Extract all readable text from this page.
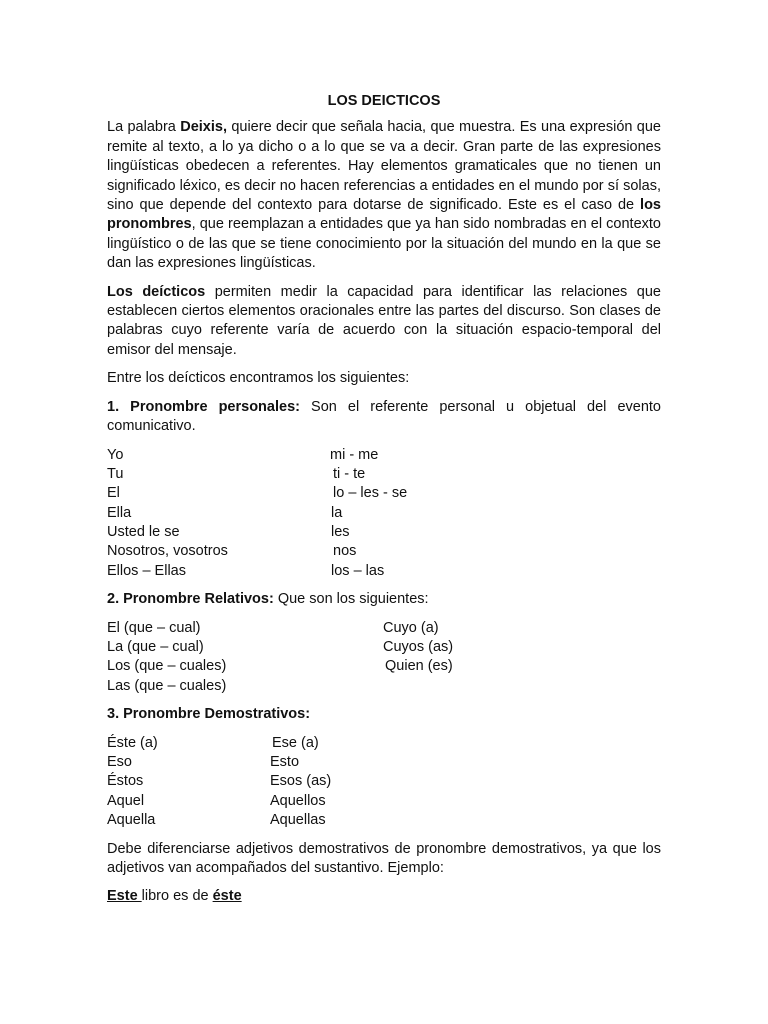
LOS DEICTICOS

La palabra Deixis, quiere decir que señala hacia, que muestra. Es una expresión que remite al texto, a lo ya dicho o a lo que se va a decir. Gran parte de las expresiones lingüísticas obedecen a referentes. Hay elementos gramaticales que no tienen un significado léxico, es decir no hacen referencias a entidades en el mundo por sí solas, sino que depende del contexto para dotarse de significado. Este es el caso de los pronombres, que reemplazan a entidades que ya han sido nombradas en el contexto lingüístico o de las que se tiene conocimiento por la situación del mundo en la que se dan las expresiones lingüísticas.

Los deícticos permiten medir la capacidad para identificar las relaciones que establecen ciertos elementos oracionales entre las partes del discurso. Son clases de palabras cuyo referente varía de acuerdo con la situación espacio-temporal del emisor del mensaje.

Entre los deícticos encontramos los siguientes:

1. Pronombre personales: Son el referente personal u objetual del evento comunicativo.

Yo	mi - me
Tu	ti - te
El	lo – les - se
Ella	la
Usted le se	les
Nosotros, vosotros	nos
Ellos – Ellas	los – las

2. Pronombre Relativos: Que son los siguientes:

El (que – cual)	Cuyo (a)
La (que – cual)	Cuyos (as)
Los (que – cuales)	Quien (es)
Las (que – cuales)

3. Pronombre Demostrativos:

Éste (a)	Ese (a)
Eso	Esto
Éstos	Esos (as)
Aquel	Aquellos
Aquella	Aquellas

Debe diferenciarse adjetivos demostrativos de pronombre demostrativos, ya que los adjetivos van acompañados del sustantivo. Ejemplo:

Este libro es de éste
